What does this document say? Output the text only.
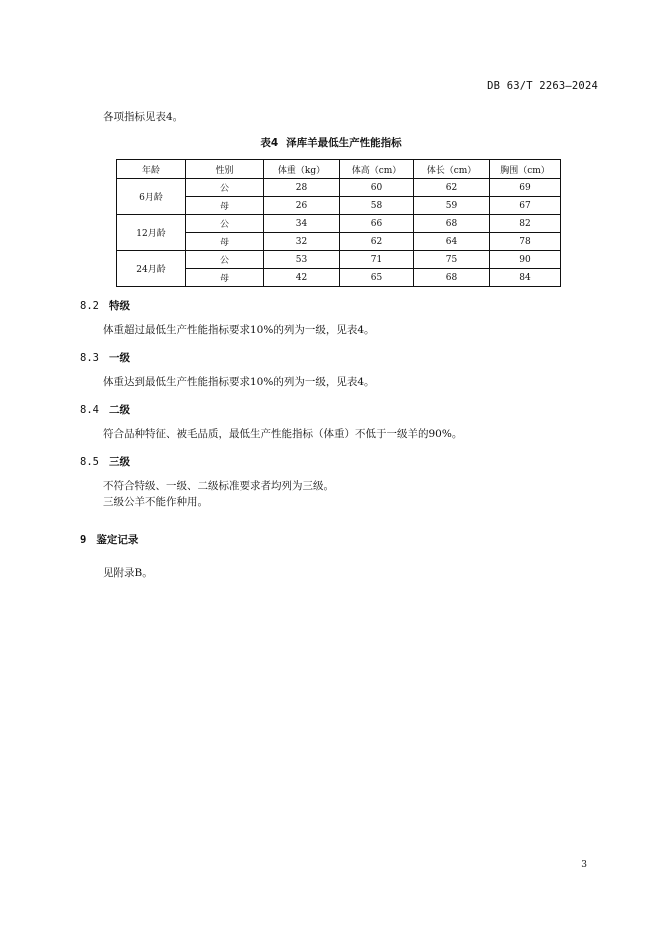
DB 63/T 2263—2024
各项指标见表4。
表4 泽库羊最低生产性能指标
年龄	性别	体重（kg）	体高（cm）	体长（cm）	胸围（cm）
6月龄	公	28	60	62	69
	母	26	58	59	67
12月龄	公	34	66	68	82
	母	32	62	64	78
24月龄	公	53	71	75	90
	母	42	65	68	84
8.2 特级
体重超过最低生产性能指标要求10%的列为一级，见表4。
8.3 一级
体重达到最低生产性能指标要求10%的列为一级，见表4。
8.4 二级
符合品种特征、被毛品质，最低生产性能指标（体重）不低于一级羊的90%。
8.5 三级
不符合特级、一级、二级标准要求者均列为三级。
三级公羊不能作种用。
9 鉴定记录
见附录B。
3
